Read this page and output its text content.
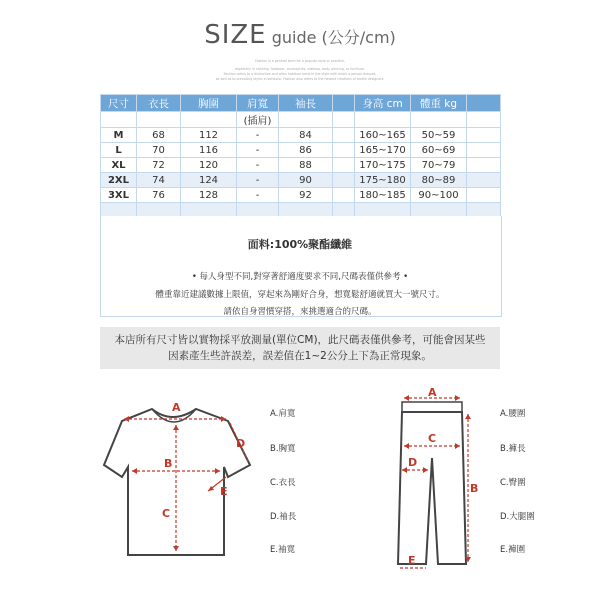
SIZE guide (公分/cm)
Fashion is a general term for a popular style or practice,
especially in clothing, footwear, accessories, makeup, body piercing, or furniture.
Fashion refers to a distinctive and often habitual trend in the style with which a person dresses,
as well as to prevailing styles in behavior. Fashion also refers to the newest creations of textile designers.
尺寸	衣長	胸圍	肩寬	袖長		身高 cm	體重 kg	
			(插肩)					
M	68	112	-	84		160~165	50~59	
L	70	116	-	86		165~170	60~69	
XL	72	120	-	88		170~175	70~79	
2XL	74	124	-	90		175~180	80~89	
3XL	76	128	-	92		180~185	90~100	

面料:100%聚酯纖維
• 每人身型不同,對穿著舒適度要求不同,尺碼表僅供參考 •
體重靠近建議數據上限值，穿起來為剛好合身，想寬鬆舒適就買大一號尺寸。
請依自身習慣穿搭，來挑選適合的尺碼。

本店所有尺寸皆以實物採平放測量(單位CM)，此尺碼表僅供參考，可能會因某些因素產生些許誤差，誤差值在1~2公分上下為正常現象。

A
B
C
D
E
A.肩寬
B.胸寬
C.衣長
D.袖長
E.袖寬
A
C
D
B
E
A.腰圍
B.褲長
C.臀圍
D.大腿圍
E.褲圍
